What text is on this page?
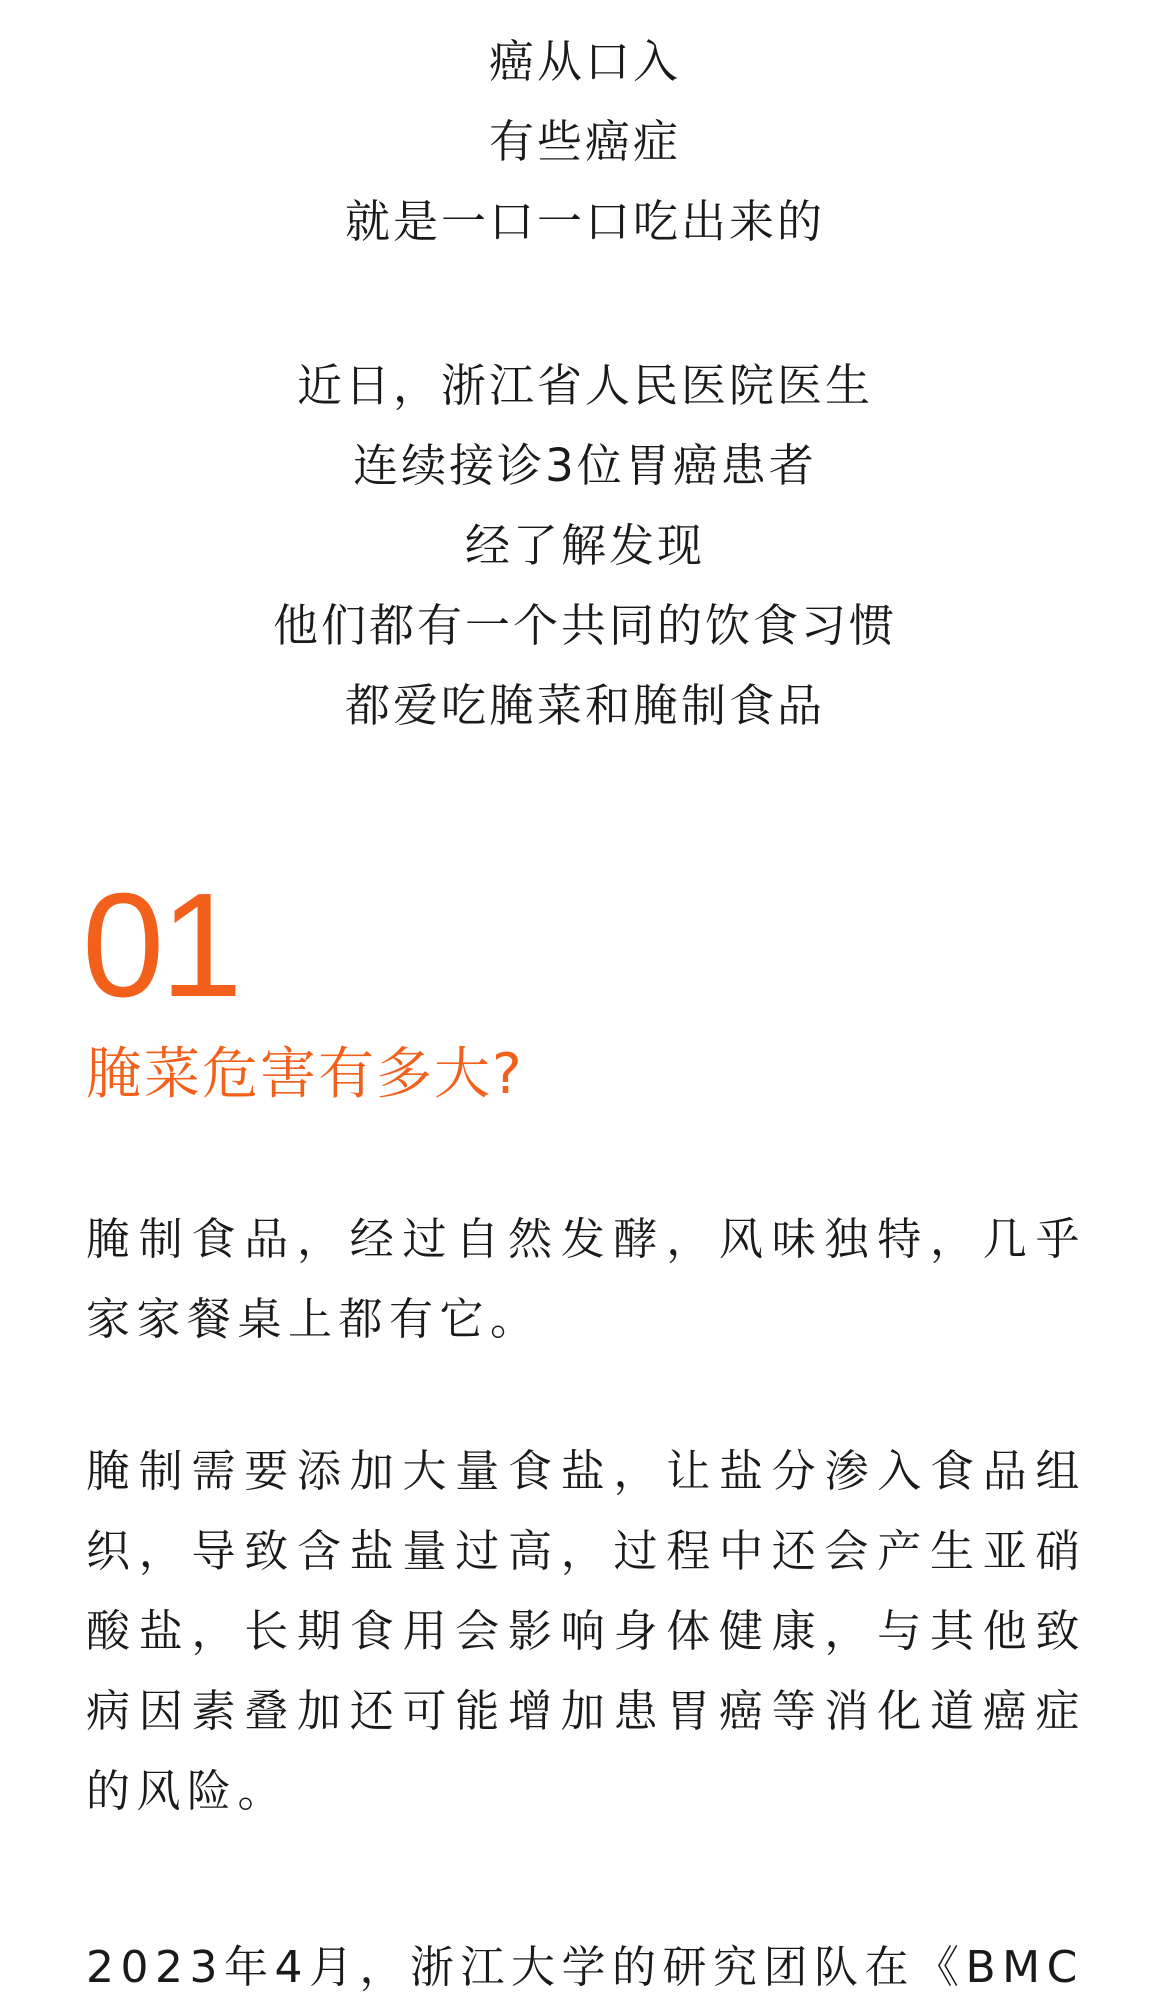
癌从口入
有些癌症
就是一口一口吃出来的
近日，浙江省人民医院医生
连续接诊3位胃癌患者
经了解发现
他们都有一个共同的饮食习惯
都爱吃腌菜和腌制食品
01
腌菜危害有多大?

腌制食品，经过自然发酵，风味独特，几乎家家餐桌上都有它。

腌制需要添加大量食盐，让盐分渗入食品组织，导致含盐量过高，过程中还会产生亚硝酸盐，长期食用会影响身体健康，与其他致病因素叠加还可能增加患胃癌等消化道癌症的风险。

2023年4月，浙江大学的研究团队在《BMC
